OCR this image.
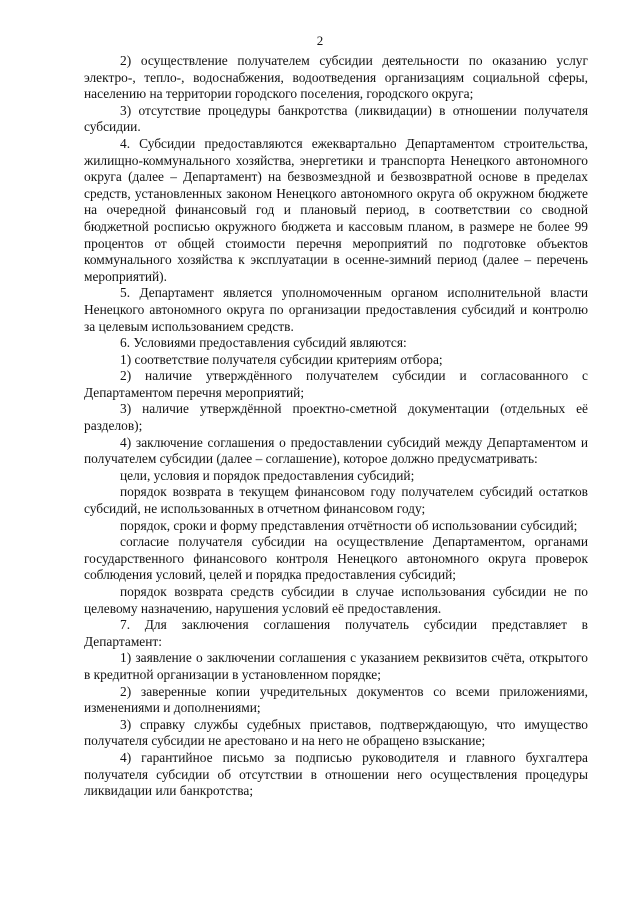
2

2) осуществление получателем субсидии деятельности по оказанию услуг электро-, тепло-, водоснабжения, водоотведения организациям социальной сферы, населению на территории городского поселения, городского округа;

3) отсутствие процедуры банкротства (ликвидации) в отношении получателя субсидии.

4. Субсидии предоставляются ежеквартально Департаментом строительства, жилищно-коммунального хозяйства, энергетики и транспорта Ненецкого автономного округа (далее – Департамент) на безвозмездной и безвозвратной основе в пределах средств, установленных законом Ненецкого автономного округа об окружном бюджете на очередной финансовый год и плановый период, в соответствии со сводной бюджетной росписью окружного бюджета и кассовым планом, в размере не более 99 процентов от общей стоимости перечня мероприятий по подготовке объектов коммунального хозяйства к эксплуатации в осенне-зимний период (далее – перечень мероприятий).

5. Департамент является уполномоченным органом исполнительной власти Ненецкого автономного округа по организации предоставления субсидий и контролю за целевым использованием средств.

6. Условиями предоставления субсидий являются:

1) соответствие получателя субсидии критериям отбора;

2) наличие утверждённого получателем субсидии и согласованного с Департаментом перечня мероприятий;

3) наличие утверждённой проектно-сметной документации (отдельных её разделов);

4) заключение соглашения о предоставлении субсидий между Департаментом и получателем субсидии (далее – соглашение), которое должно предусматривать:

цели, условия и порядок предоставления субсидий;

порядок возврата в текущем финансовом году получателем субсидий остатков субсидий, не использованных в отчетном финансовом году;

порядок, сроки и форму представления отчётности об использовании субсидий;

согласие получателя субсидии на осуществление Департаментом, органами государственного финансового контроля Ненецкого автономного округа проверок соблюдения условий, целей и порядка предоставления субсидий;

порядок возврата средств субсидии в случае использования субсидии не по целевому назначению, нарушения условий её предоставления.

7. Для заключения соглашения получатель субсидии представляет в Департамент:

1) заявление о заключении соглашения с указанием реквизитов счёта, открытого в кредитной организации в установленном порядке;

2) заверенные копии учредительных документов со всеми приложениями, изменениями и дополнениями;

3) справку службы судебных приставов, подтверждающую, что имущество получателя субсидии не арестовано и на него не обращено взыскание;

4) гарантийное письмо за подписью руководителя и главного бухгалтера получателя субсидии об отсутствии в отношении него осуществления процедуры ликвидации или банкротства;
